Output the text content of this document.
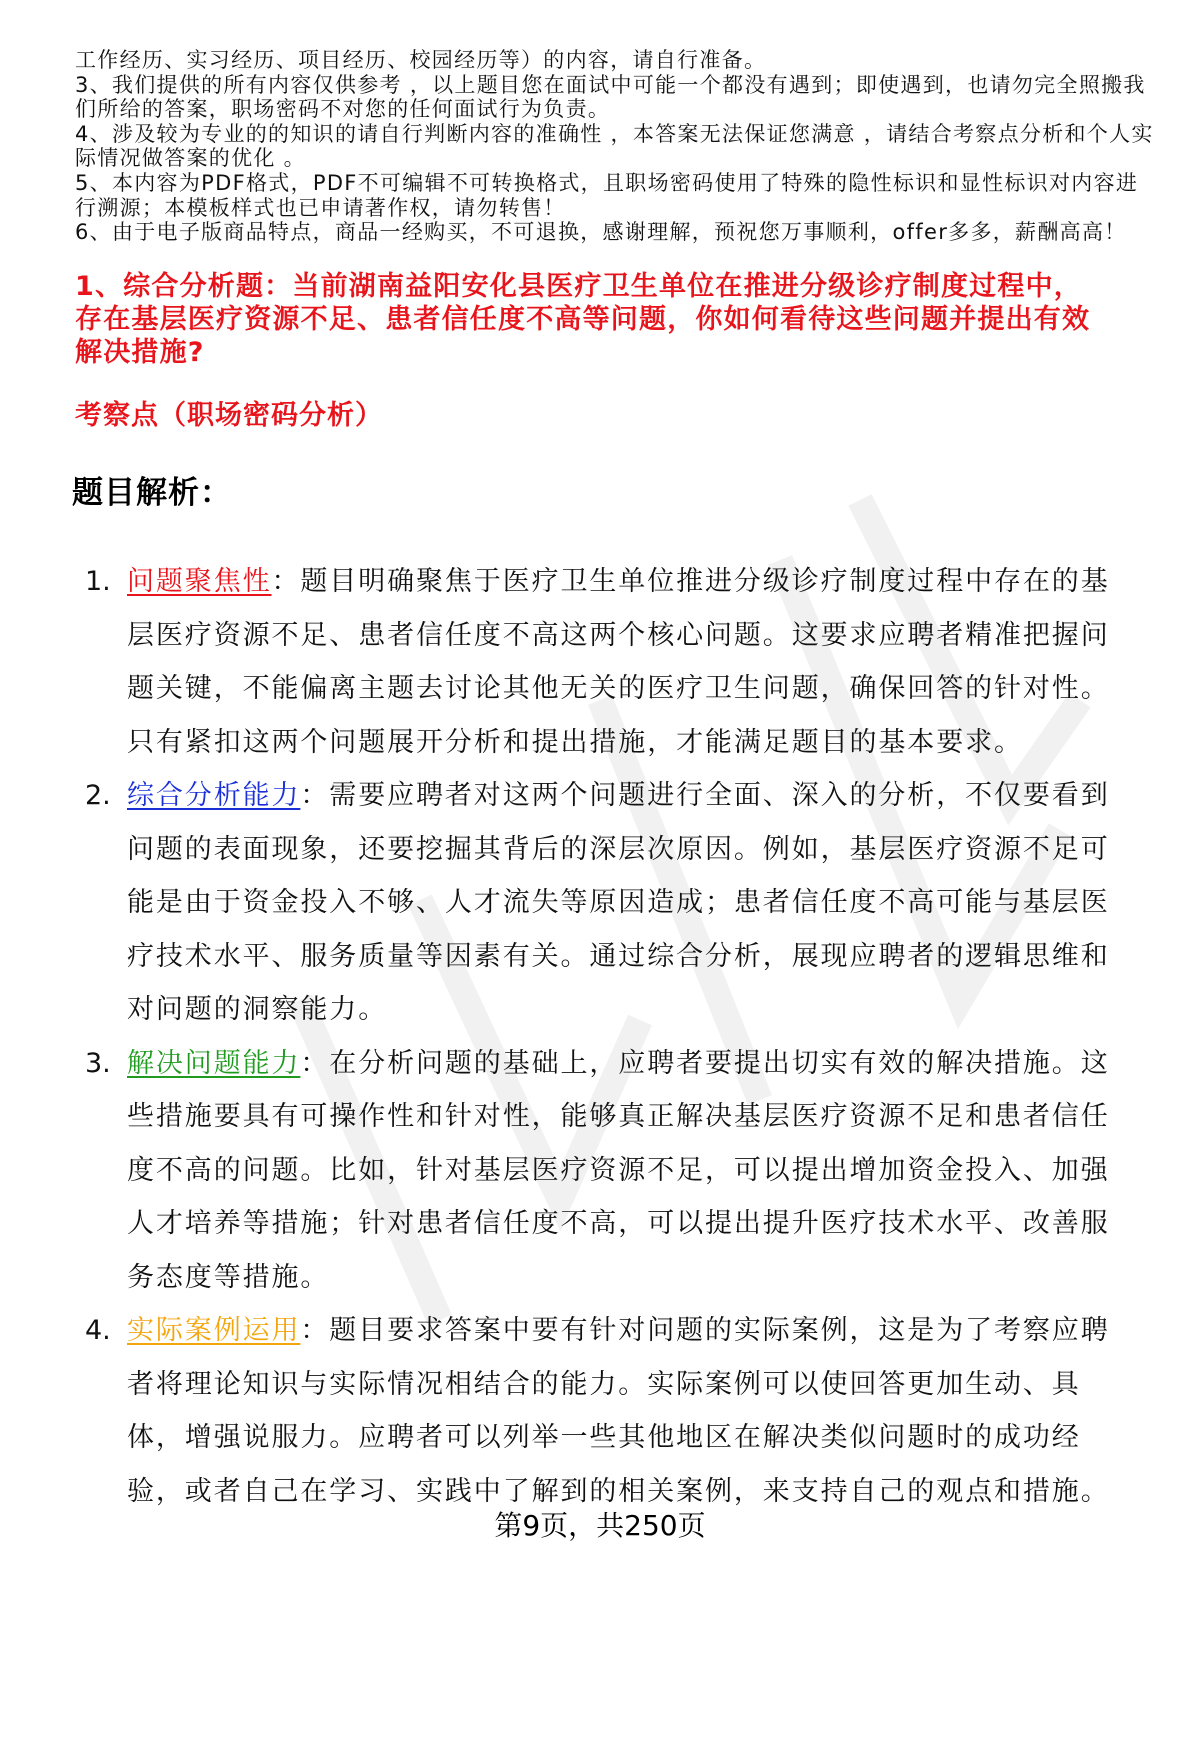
工作经历、实习经历、项目经历、校园经历等）的内容，请自行准备。
3、我们提供的所有内容仅供参考 ，以上题目您在面试中可能一个都没有遇到；即使遇到，也请勿完全照搬我
们所给的答案，职场密码不对您的任何面试行为负责。
4、涉及较为专业的的知识的请自行判断内容的准确性 ，本答案无法保证您满意 ，请结合考察点分析和个人实
际情况做答案的优化 。
5、本内容为PDF格式，PDF不可编辑不可转换格式，且职场密码使用了特殊的隐性标识和显性标识对内容进
行溯源；本模板样式也已申请著作权，请勿转售！
6、由于电子版商品特点，商品一经购买，不可退换，感谢理解，预祝您万事顺利，offer多多，薪酬高高！
1、综合分析题：当前湖南益阳安化县医疗卫生单位在推进分级诊疗制度过程中，
存在基层医疗资源不足、患者信任度不高等问题，你如何看待这些问题并提出有效
解决措施?
考察点（职场密码分析）
题目解析：
1. 问题聚焦性：题目明确聚焦于医疗卫生单位推进分级诊疗制度过程中存在的基
层医疗资源不足、患者信任度不高这两个核心问题。这要求应聘者精准把握问
题关键，不能偏离主题去讨论其他无关的医疗卫生问题，确保回答的针对性。
只有紧扣这两个问题展开分析和提出措施，才能满足题目的基本要求。
2. 综合分析能力：需要应聘者对这两个问题进行全面、深入的分析，不仅要看到
问题的表面现象，还要挖掘其背后的深层次原因。例如，基层医疗资源不足可
能是由于资金投入不够、人才流失等原因造成；患者信任度不高可能与基层医
疗技术水平、服务质量等因素有关。通过综合分析，展现应聘者的逻辑思维和
对问题的洞察能力。
3. 解决问题能力：在分析问题的基础上，应聘者要提出切实有效的解决措施。这
些措施要具有可操作性和针对性，能够真正解决基层医疗资源不足和患者信任
度不高的问题。比如，针对基层医疗资源不足，可以提出增加资金投入、加强
人才培养等措施；针对患者信任度不高，可以提出提升医疗技术水平、改善服
务态度等措施。
4. 实际案例运用：题目要求答案中要有针对问题的实际案例，这是为了考察应聘
者将理论知识与实际情况相结合的能力。实际案例可以使回答更加生动、具
体，增强说服力。应聘者可以列举一些其他地区在解决类似问题时的成功经
验，或者自己在学习、实践中了解到的相关案例，来支持自己的观点和措施。
第9页，共250页
